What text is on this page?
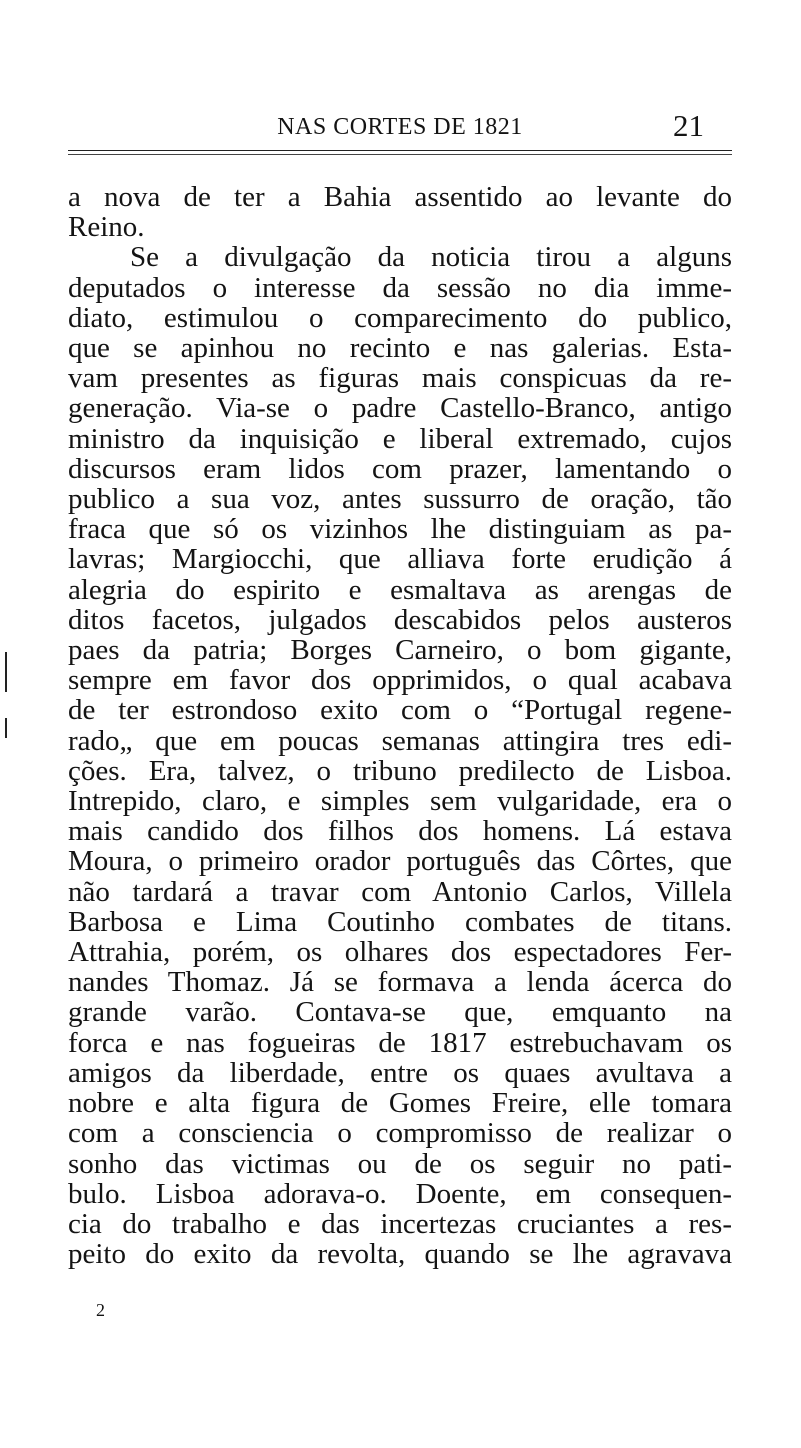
NAS CORTES DE 1821	21
a nova de ter a Bahia assentido ao levante do
Reino.
Se a divulgação da noticia tirou a alguns
deputados o interesse da sessão no dia imme-
diato, estimulou o comparecimento do publico,
que se apinhou no recinto e nas galerias. Esta-
vam presentes as figuras mais conspicuas da re-
generação. Via-se o padre Castello-Branco, antigo
ministro da inquisição e liberal extremado, cujos
discursos eram lidos com prazer, lamentando o
publico a sua voz, antes sussurro de oração, tão
fraca que só os vizinhos lhe distinguiam as pa-
lavras; Margiocchi, que alliava forte erudição á
alegria do espirito e esmaltava as arengas de
ditos facetos, julgados descabidos pelos austeros
paes da patria; Borges Carneiro, o bom gigante,
sempre em favor dos opprimidos, o qual acabava
de ter estrondoso exito com o “Portugal regene-
rado„ que em poucas semanas attingira tres edi-
ções. Era, talvez, o tribuno predilecto de Lisboa.
Intrepido, claro, e simples sem vulgaridade, era o
mais candido dos filhos dos homens. Lá estava
Moura, o primeiro orador português das Côrtes, que
não tardará a travar com Antonio Carlos, Villela
Barbosa e Lima Coutinho combates de titans.
Attrahia, porém, os olhares dos espectadores Fer-
nandes Thomaz. Já se formava a lenda ácerca do
grande varão. Contava-se que, emquanto na
forca e nas fogueiras de 1817 estrebuchavam os
amigos da liberdade, entre os quaes avultava a
nobre e alta figura de Gomes Freire, elle tomara
com a consciencia o compromisso de realizar o
sonho das victimas ou de os seguir no pati-
bulo. Lisboa adorava-o. Doente, em consequen-
cia do trabalho e das incertezas cruciantes a res-
peito do exito da revolta, quando se lhe agravava
2
